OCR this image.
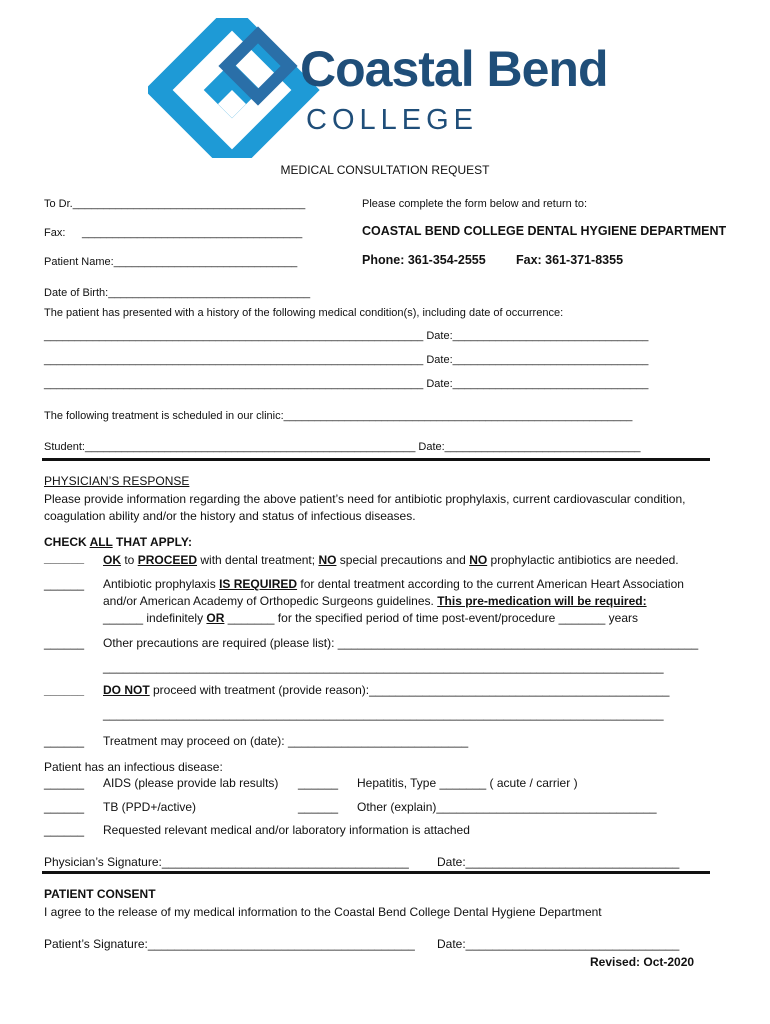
Coastal Bend
COLLEGE
MEDICAL CONSULTATION REQUEST
To Dr.______________________________________
Fax: ____________________________________
Patient Name:______________________________
Please complete the form below and return to:
COASTAL BEND COLLEGE DENTAL HYGIENE DEPARTMENT
Phone: 361-354-2555 Fax: 361-371-8355
Date of Birth:_________________________________
The patient has presented with a history of the following medical condition(s), including date of occurrence:
______________________________________________________________ Date:________________________________
______________________________________________________________ Date:________________________________
______________________________________________________________ Date:________________________________
The following treatment is scheduled in our clinic:_________________________________________________________
Student:______________________________________________________ Date:________________________________
PHYSICIAN’S RESPONSE
Please provide information regarding the above patient’s need for antibiotic prophylaxis, current cardiovascular condition,
coagulation ability and/or the history and status of infectious diseases.
CHECK ALL THAT APPLY:
______ OK to PROCEED with dental treatment; NO special precautions and NO prophylactic antibiotics are needed.
______ Antibiotic prophylaxis IS REQUIRED for dental treatment according to the current American Heart Association
and/or American Academy of Orthopedic Surgeons guidelines. This pre-medication will be required:
______ indefinitely OR _______ for the specified period of time post-event/procedure _______ years
______ Other precautions are required (please list): ______________________________________________________
____________________________________________________________________________________
______ DO NOT proceed with treatment (provide reason):_____________________________________________
____________________________________________________________________________________
______ Treatment may proceed on (date): ___________________________
Patient has an infectious disease:
______ AIDS (please provide lab results) ______ Hepatitis, Type _______ ( acute / carrier )
______ TB (PPD+/active)	______ Other (explain)_________________________________
______ Requested relevant medical and/or laboratory information is attached
Physician’s Signature:_____________________________________ Date:________________________________
PATIENT CONSENT
I agree to the release of my medical information to the Coastal Bend College Dental Hygiene Department
Patient’s Signature:________________________________________ Date:________________________________
Revised: Oct-2020
